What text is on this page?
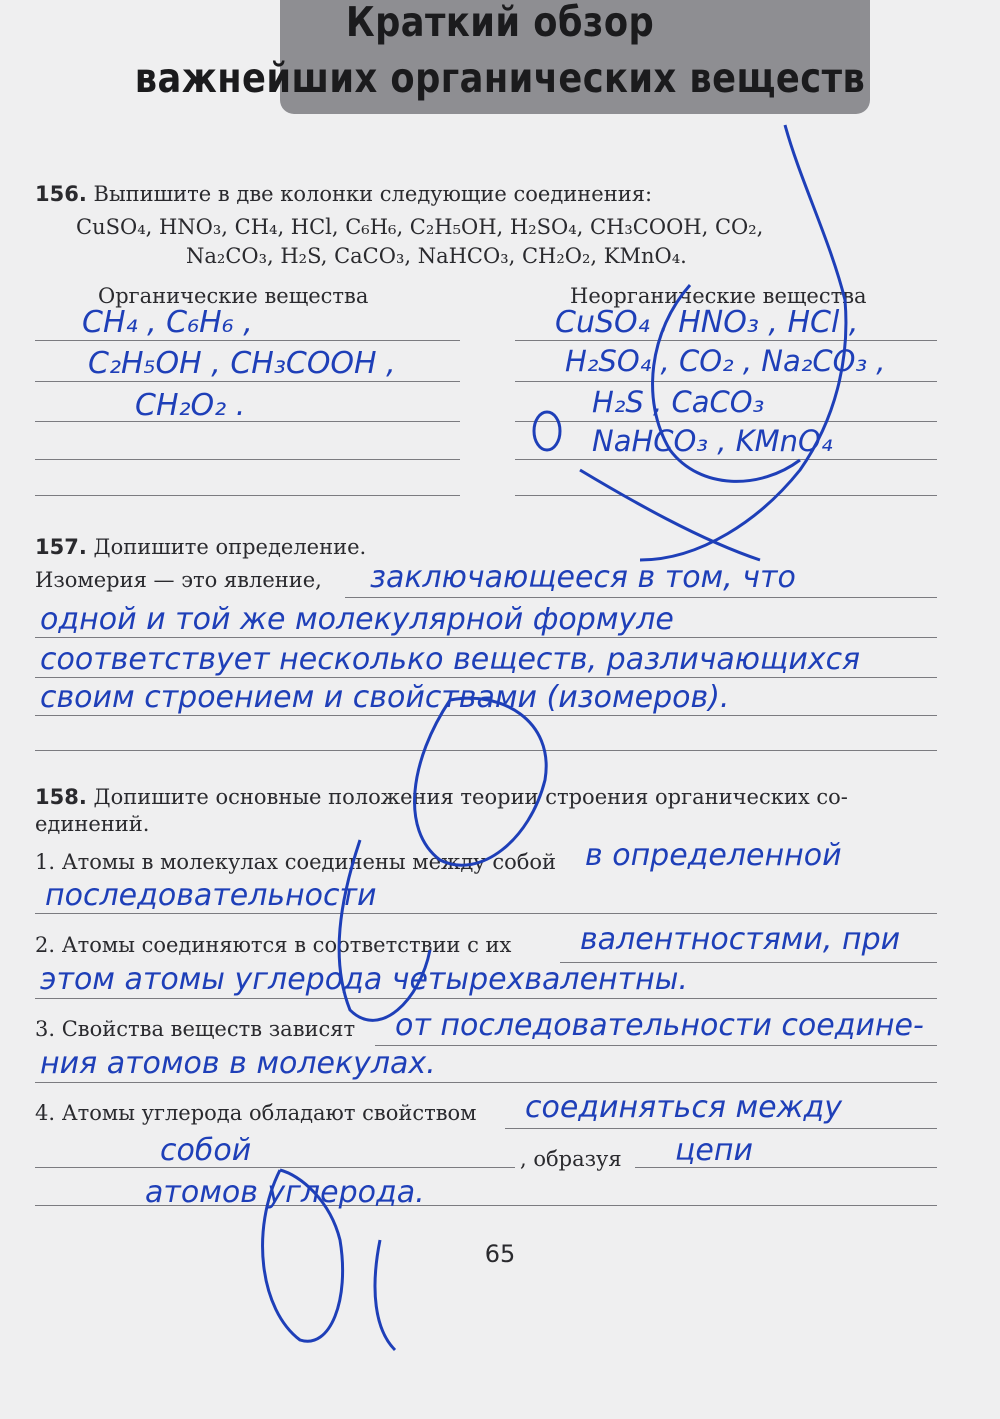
Краткий обзор
важнейших органических веществ
156. Выпишите в две колонки следующие соединения:
CuSO₄, HNO₃, CH₄, HCl, C₆H₆, C₂H₅OH, H₂SO₄, CH₃COOH, CO₂,
Na₂CO₃, H₂S, CaCO₃, NaHCO₃, CH₂O₂, KMnO₄.
Органические вещества	Неорганические вещества
CH₄ , C₆H₆ ,
C₂H₅OH , CH₃COOH ,
CH₂O₂ .
CuSO₄ , HNO₃ , HCl ,
H₂SO₄ , CO₂ , Na₂CO₃ ,
H₂S , CaCO₃
NaHCO₃ , KMnO₄
157. Допишите определение.
Изомерия — это явление, заключающееся в том, что
одной и той же молекулярной формуле
соответствует несколько веществ, различающихся
своим строением и свойствами (изомеров).
158. Допишите основные положения теории строения органических со-
единений.
1. Атомы в молекулах соединены между собой в определенной
последовательности
2. Атомы соединяются в соответствии с их валентностями, при
этом атомы углерода четырехвалентны.
3. Свойства веществ зависят от последовательности соедине-
ния атомов в молекулах.
4. Атомы углерода обладают свойством
, образуя
соединяться между
собой	цепи
атомов углерода.
65
